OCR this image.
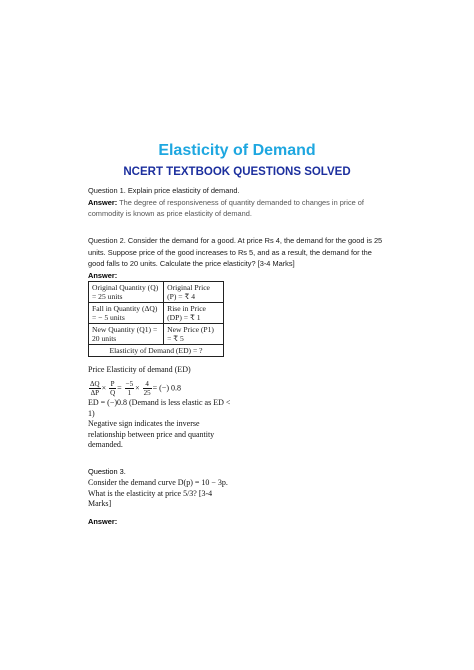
Elasticity of Demand
NCERT TEXTBOOK QUESTIONS SOLVED
Question 1. Explain price elasticity of demand.
Answer: The degree of responsiveness of quantity demanded to changes in price of commodity is known as price elasticity of demand.
Question 2. Consider the demand for a good. At price Rs 4, the demand for the good is 25 units. Suppose price of the good increases to Rs 5, and as a result, the demand for the good falls to 20 units. Calculate the price elasticity? [3-4 Marks]
Answer:
Original Quantity (Q) = 25 units	Original Price (P) = ₹ 4
Fall in Quantity (ΔQ) = − 5 units	Rise in Price (DP) = ₹ 1
New Quantity (Q1) = 20 units	New Price (P1) = ₹ 5
Elasticity of Demand (ED) = ?	
Price Elasticity of demand (ED)
$\frac{\Delta Q}{\Delta P} \times \frac{P}{Q} = \frac{-5}{1} \times \frac{4}{25}$ = (−) 0.8
ED = (−)0.8 (Demand is less elastic as ED < 1)
Negative sign indicates the inverse relationship between price and quantity demanded.
Question 3.
Consider the demand curve D(p) = 10 − 3p. What is the elasticity at price 5/3? [3-4 Marks]
Answer:
